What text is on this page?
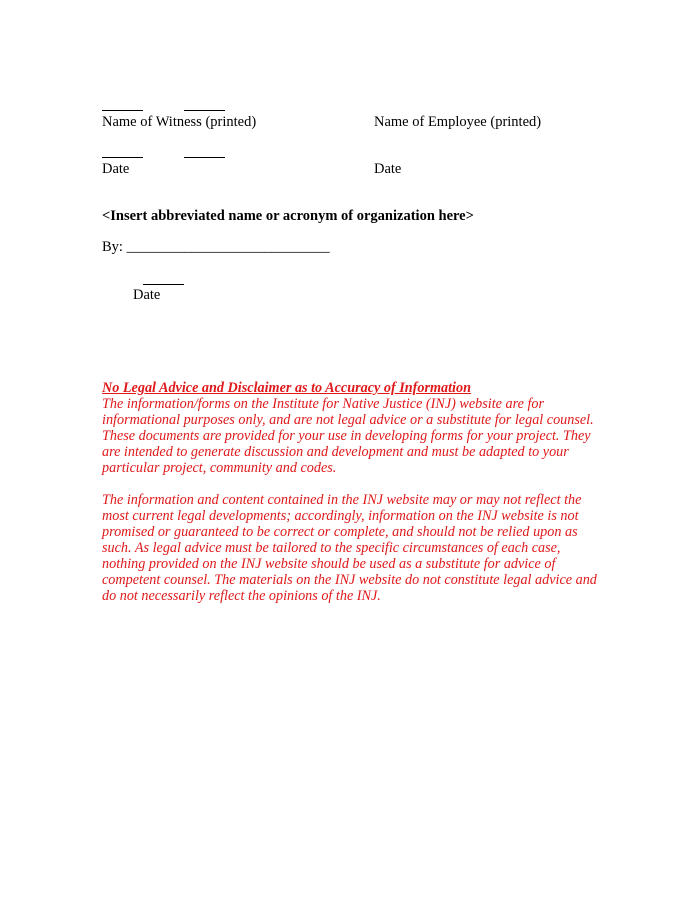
Name of Witness (printed)	Name of Employee (printed)
Date	Date
<Insert abbreviated name or acronym of organization here>
By: ____________________________
Date

No Legal Advice and Disclaimer as to Accuracy of Information

The information/forms on the Institute for Native Justice (INJ) website are for informational purposes only, and are not legal advice or a substitute for legal counsel. These documents are provided for your use in developing forms for your project. They are intended to generate discussion and development and must be adapted to your particular project, community and codes.

The information and content contained in the INJ website may or may not reflect the most current legal developments; accordingly, information on the INJ website is not promised or guaranteed to be correct or complete, and should not be relied upon as such. As legal advice must be tailored to the specific circumstances of each case, nothing provided on the INJ website should be used as a substitute for advice of competent counsel. The materials on the INJ website do not constitute legal advice and do not necessarily reflect the opinions of the INJ.
